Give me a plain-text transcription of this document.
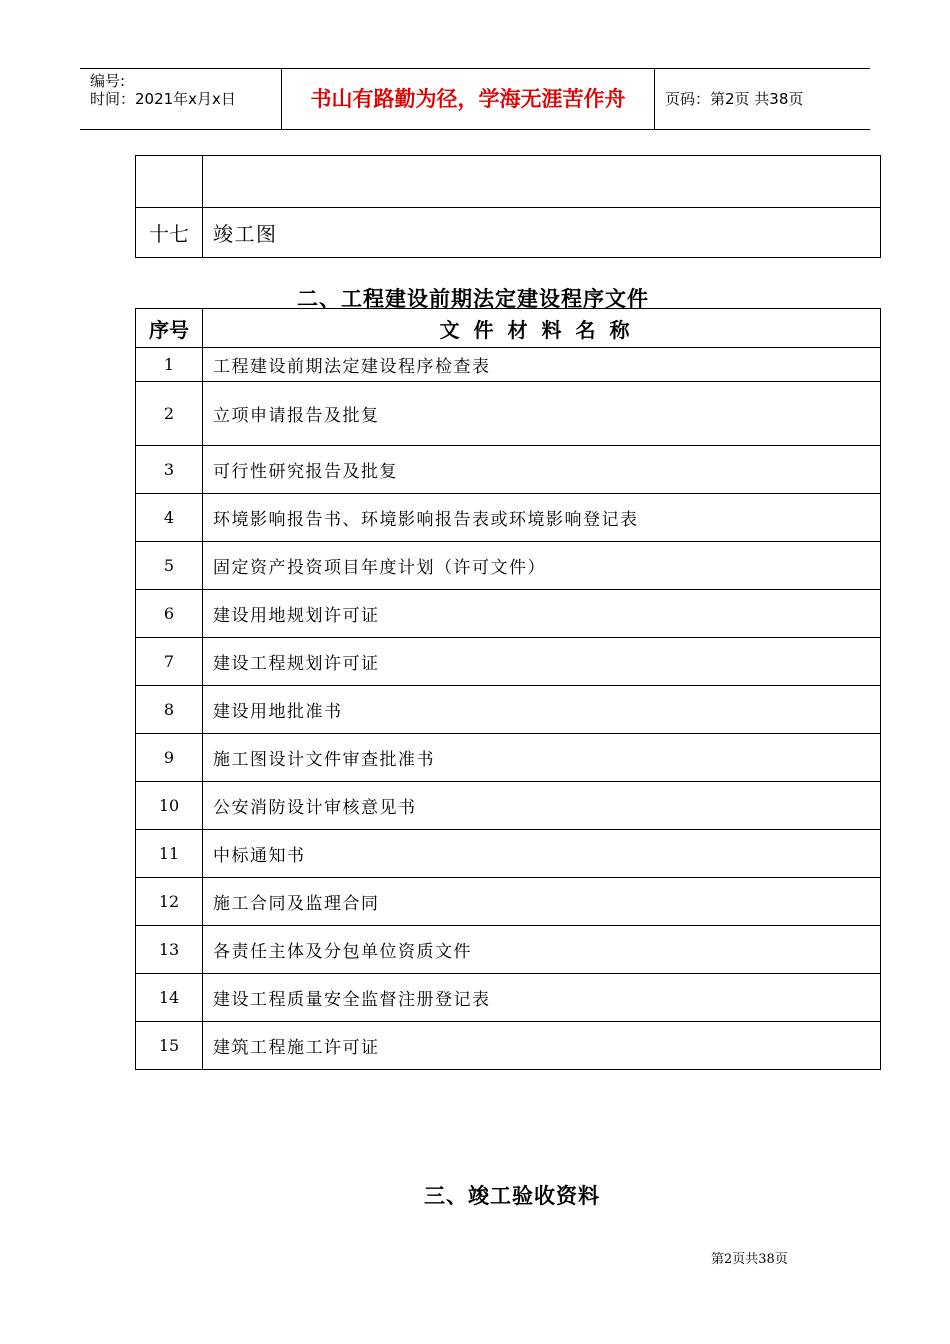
编号:
时间：2021年x月x日	书山有路勤为径，学海无涯苦作舟	页码：第2页 共38页

十七	竣工图
二、工程建设前期法定建设程序文件
序号	文件材料名称
1	工程建设前期法定建设程序检查表
2	立项申请报告及批复
3	可行性研究报告及批复
4	环境影响报告书、环境影响报告表或环境影响登记表
5	固定资产投资项目年度计划（许可文件）
6	建设用地规划许可证
7	建设工程规划许可证
8	建设用地批准书
9	施工图设计文件审查批准书
10	公安消防设计审核意见书
11	中标通知书
12	施工合同及监理合同
13	各责任主体及分包单位资质文件
14	建设工程质量安全监督注册登记表
15	建筑工程施工许可证
三、竣工验收资料
第2页共38页
